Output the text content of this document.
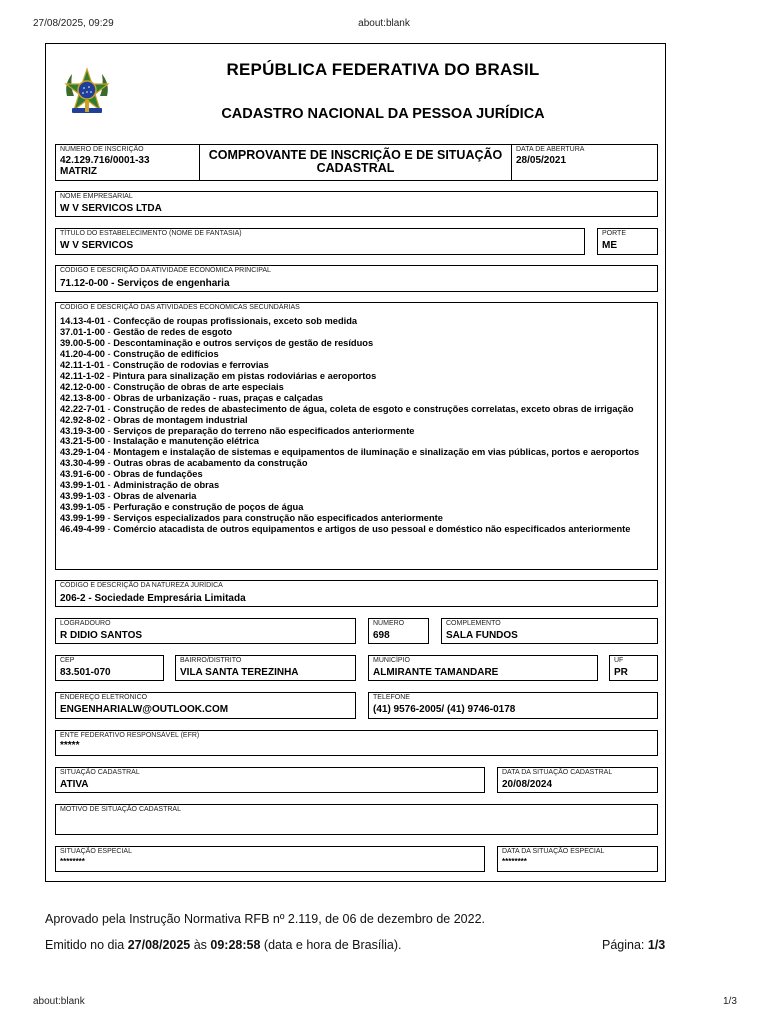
27/08/2025, 09:29	about:blank
REPÚBLICA FEDERATIVA DO BRASIL
CADASTRO NACIONAL DA PESSOA JURÍDICA
NÚMERO DE INSCRIÇÃO
42.129.716/0001-33
MATRIZ
COMPROVANTE DE INSCRIÇÃO E DE SITUAÇÃO
CADASTRAL
DATA DE ABERTURA
28/05/2021
NOME EMPRESARIAL
W V SERVICOS LTDA
TÍTULO DO ESTABELECIMENTO (NOME DE FANTASIA)
W V SERVICOS
PORTE
ME
CÓDIGO E DESCRIÇÃO DA ATIVIDADE ECONÔMICA PRINCIPAL
71.12-0-00 - Serviços de engenharia
CÓDIGO E DESCRIÇÃO DAS ATIVIDADES ECONÔMICAS SECUNDÁRIAS
14.13-4-01 - Confecção de roupas profissionais, exceto sob medida
37.01-1-00 - Gestão de redes de esgoto
39.00-5-00 - Descontaminação e outros serviços de gestão de resíduos
41.20-4-00 - Construção de edifícios
42.11-1-01 - Construção de rodovias e ferrovias
42.11-1-02 - Pintura para sinalização em pistas rodoviárias e aeroportos
42.12-0-00 - Construção de obras de arte especiais
42.13-8-00 - Obras de urbanização - ruas, praças e calçadas
42.22-7-01 - Construção de redes de abastecimento de água, coleta de esgoto e construções correlatas, exceto obras de irrigação
42.92-8-02 - Obras de montagem industrial
43.19-3-00 - Serviços de preparação do terreno não especificados anteriormente
43.21-5-00 - Instalação e manutenção elétrica
43.29-1-04 - Montagem e instalação de sistemas e equipamentos de iluminação e sinalização em vias públicas, portos e aeroportos
43.30-4-99 - Outras obras de acabamento da construção
43.91-6-00 - Obras de fundações
43.99-1-01 - Administração de obras
43.99-1-03 - Obras de alvenaria
43.99-1-05 - Perfuração e construção de poços de água
43.99-1-99 - Serviços especializados para construção não especificados anteriormente
46.49-4-99 - Comércio atacadista de outros equipamentos e artigos de uso pessoal e doméstico não especificados anteriormente
CÓDIGO E DESCRIÇÃO DA NATUREZA JURÍDICA
206-2 - Sociedade Empresária Limitada
LOGRADOURO
R DIDIO SANTOS
NÚMERO
698
COMPLEMENTO
SALA FUNDOS
CEP
83.501-070
BAIRRO/DISTRITO
VILA SANTA TEREZINHA
MUNICÍPIO
ALMIRANTE TAMANDARE
UF
PR
ENDEREÇO ELETRÔNICO
ENGENHARIALW@OUTLOOK.COM
TELEFONE
(41) 9576-2005/ (41) 9746-0178
ENTE FEDERATIVO RESPONSÁVEL (EFR)
*****
SITUAÇÃO CADASTRAL
ATIVA
DATA DA SITUAÇÃO CADASTRAL
20/08/2024
MOTIVO DE SITUAÇÃO CADASTRAL
SITUAÇÃO ESPECIAL
********
DATA DA SITUAÇÃO ESPECIAL
********
Aprovado pela Instrução Normativa RFB nº 2.119, de 06 de dezembro de 2022.
Emitido no dia 27/08/2025 às 09:28:58 (data e hora de Brasília).	Página: 1/3
about:blank	1/3
